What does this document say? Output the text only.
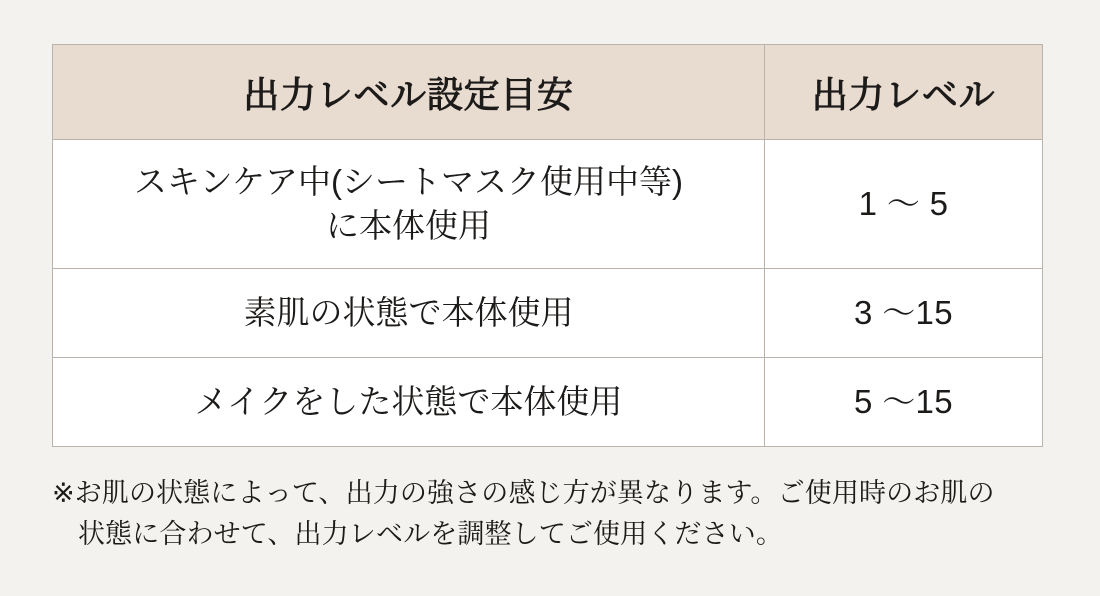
出力レベル設定目安	出力レベル

スキンケア中(シートマスク使用中等)
に本体使用	1 〜 5

素肌の状態で本体使用	3 〜15

メイクをした状態で本体使用	5 〜15
※お肌の状態によって、出力の強さの感じ方が異なります。ご使用時のお肌の
状態に合わせて、出力レベルを調整してご使用ください。
